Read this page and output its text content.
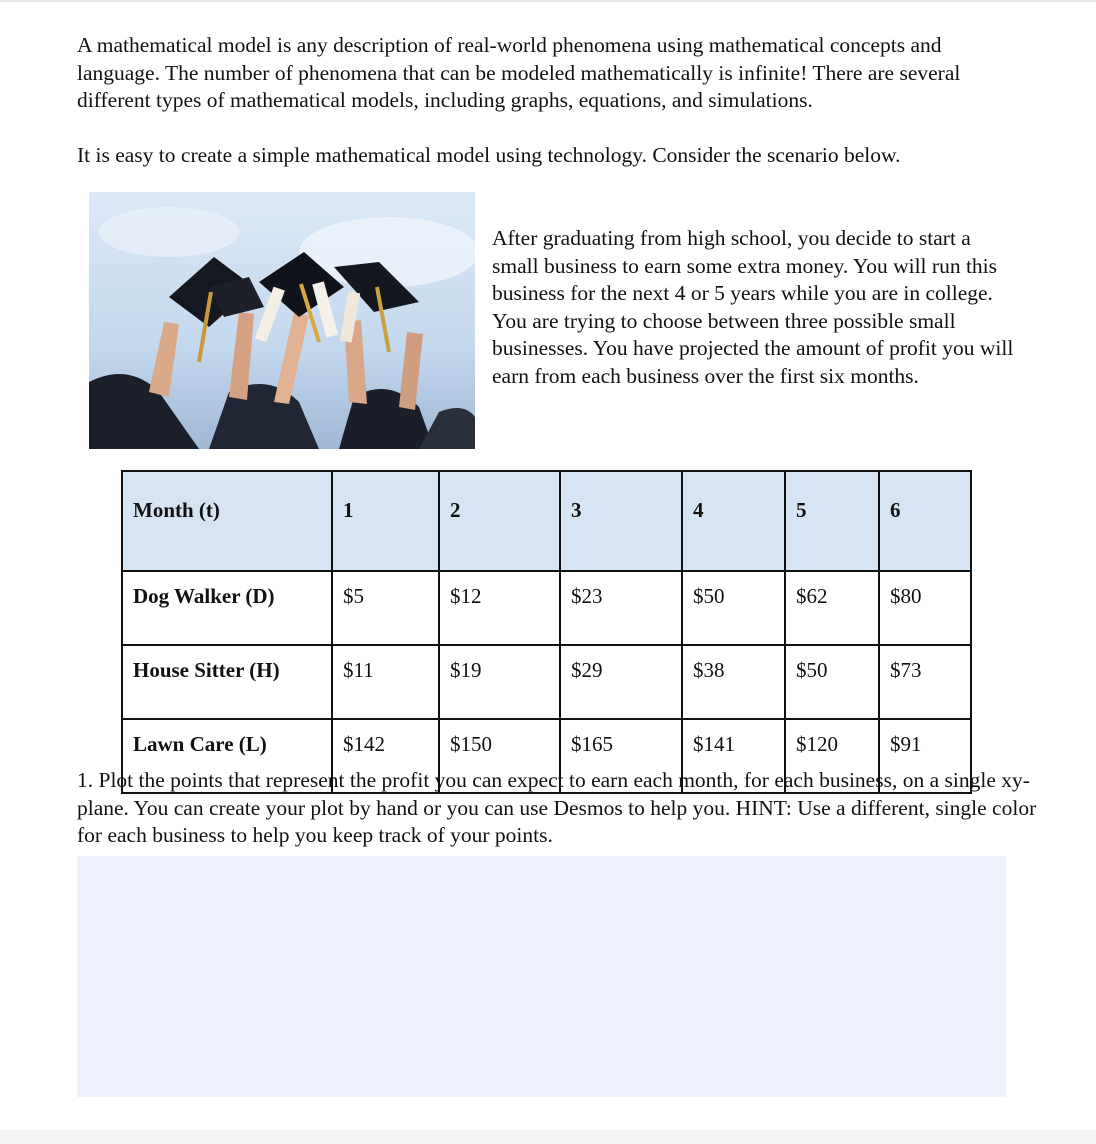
A mathematical model is any description of real-world phenomena using mathematical concepts and language. The number of phenomena that can be modeled mathematically is infinite! There are several different types of mathematical models, including graphs, equations, and simulations.

It is easy to create a simple mathematical model using technology. Consider the scenario below.

After graduating from high school, you decide to start a small business to earn some extra money. You will run this business for the next 4 or 5 years while you are in college. You are trying to choose between three possible small businesses. You have projected the amount of profit you will earn from each business over the first six months.

Month (t)	1	2	3	4	5	6
Dog Walker (D)	$5	$12	$23	$50	$62	$80
House Sitter (H)	$11	$19	$29	$38	$50	$73
Lawn Care (L)	$142	$150	$165	$141	$120	$91

1. Plot the points that represent the profit you can expect to earn each month, for each business, on a single xy-plane. You can create your plot by hand or you can use Desmos to help you. HINT: Use a different, single color for each business to help you keep track of your points.
